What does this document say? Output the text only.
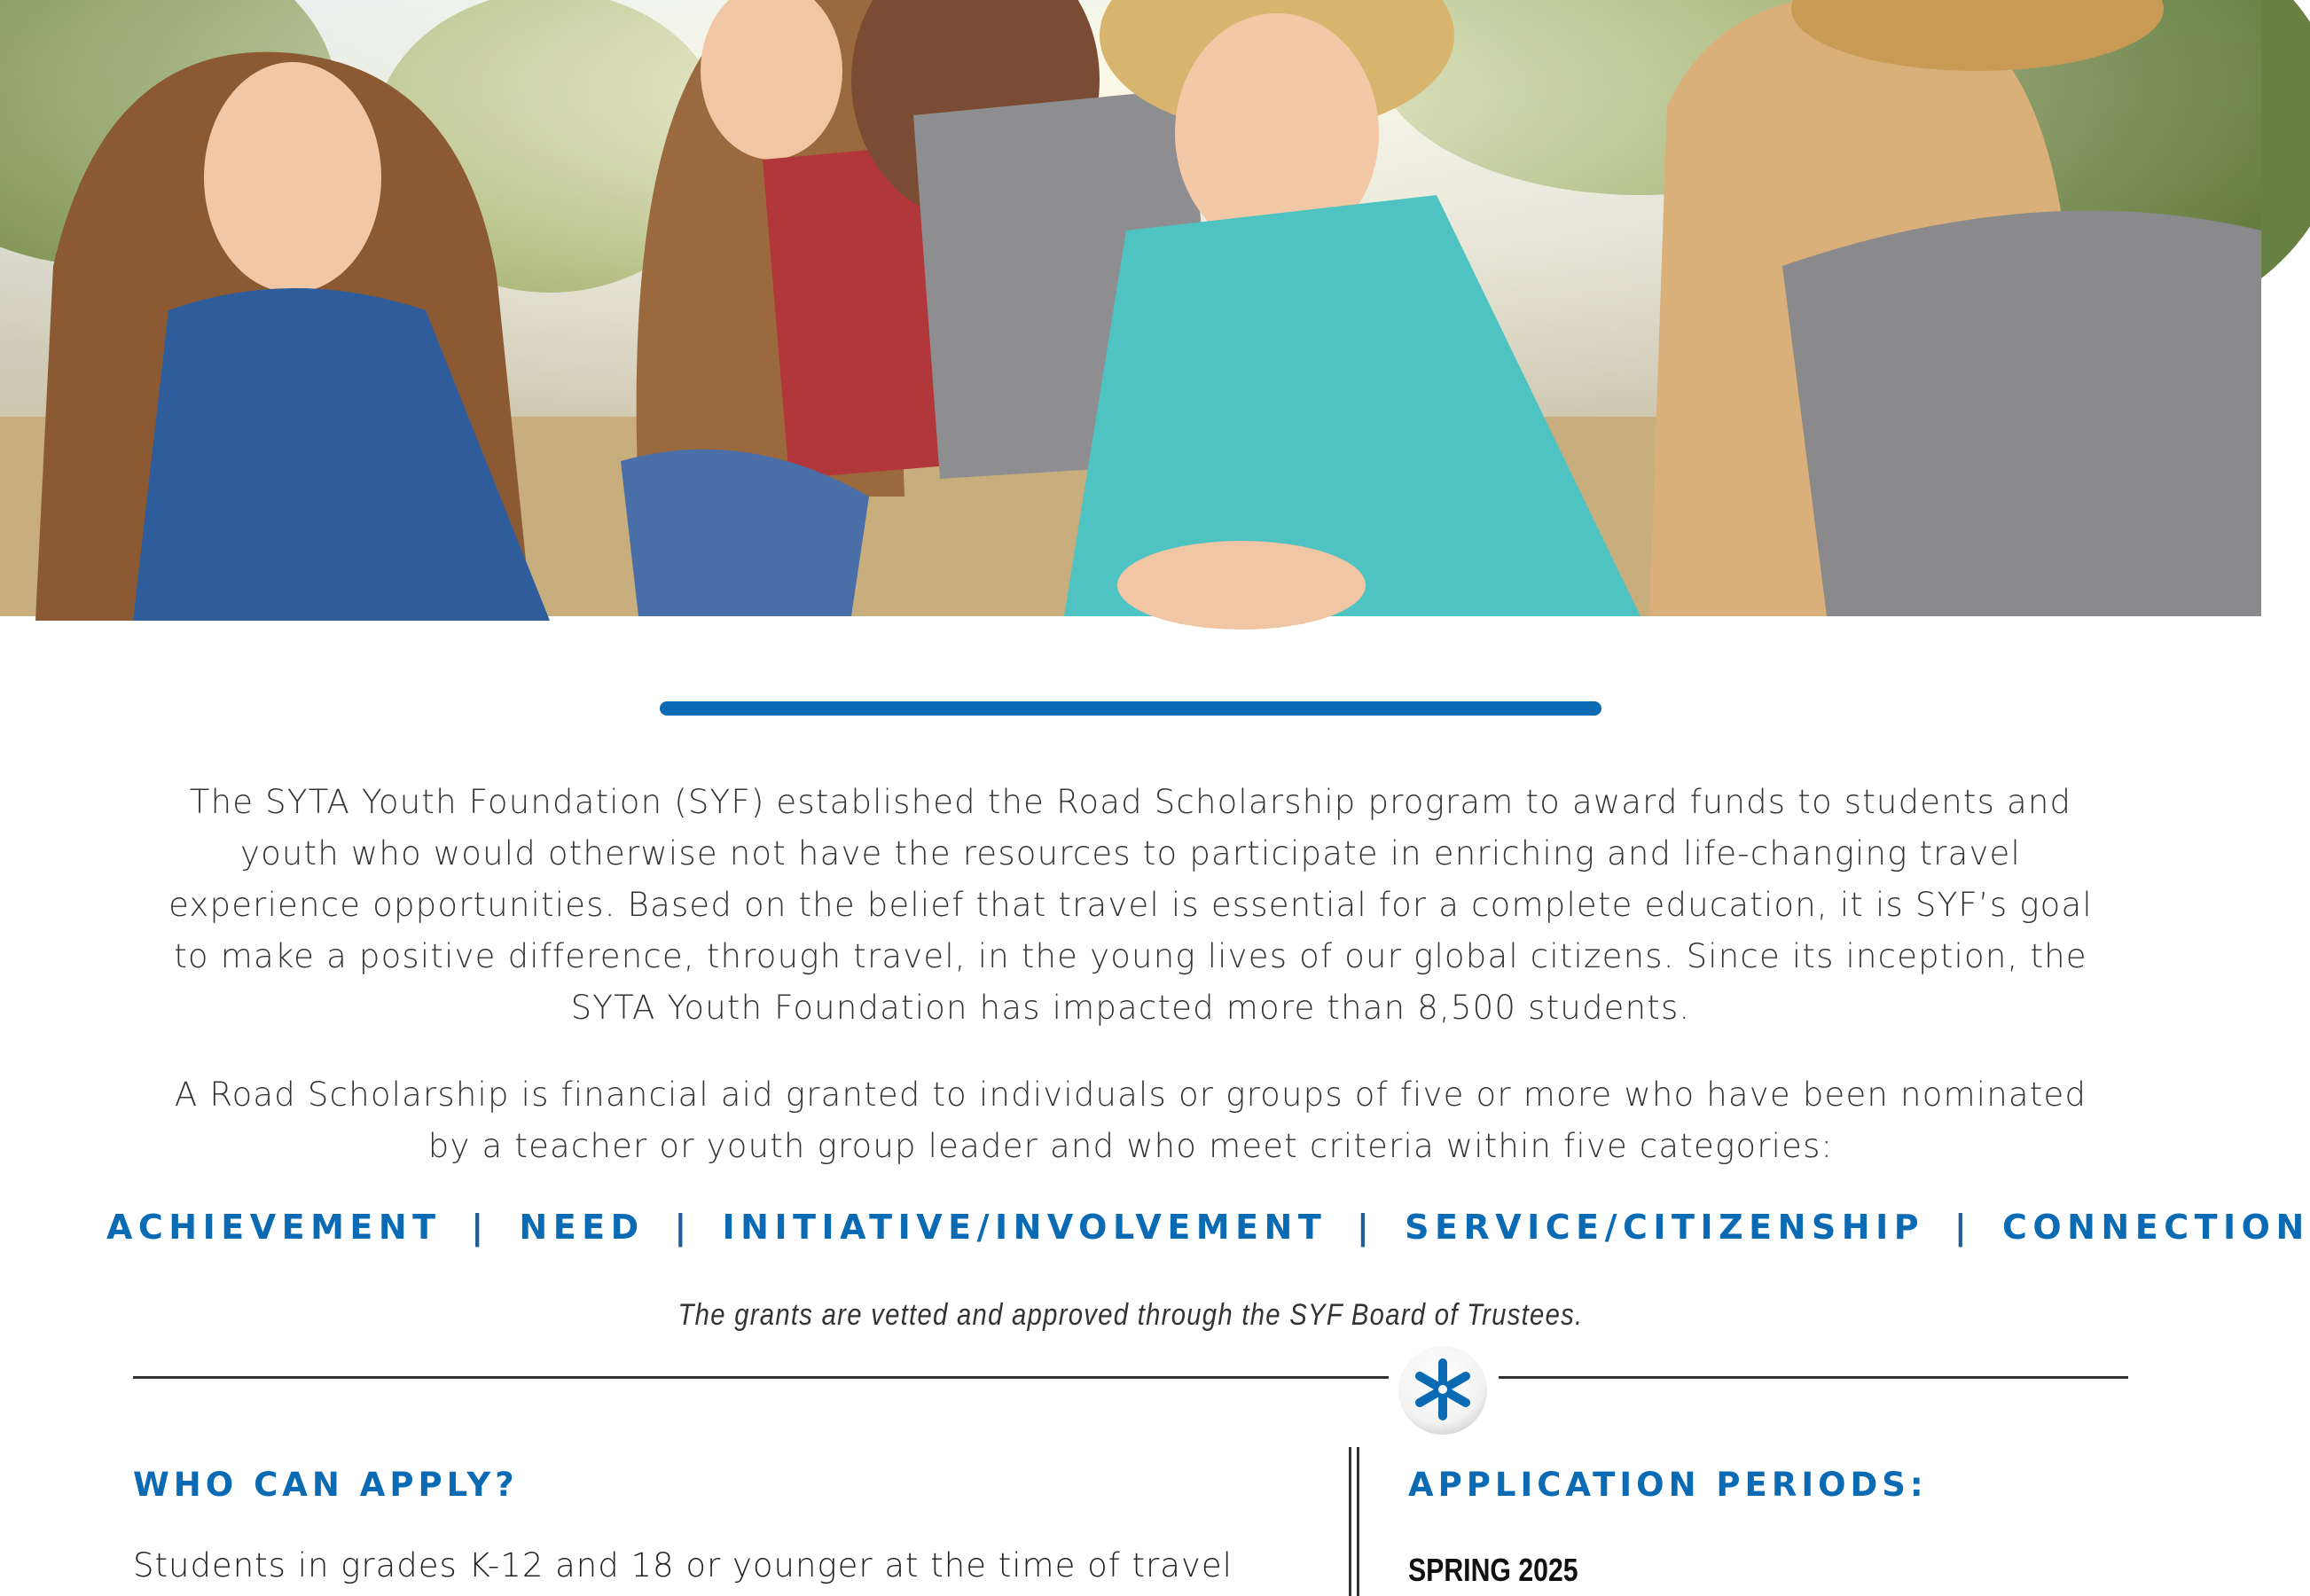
The SYTA Youth Foundation (SYF) established the Road Scholarship program to award funds to students and youth who would otherwise not have the resources to participate in enriching and life-changing travel experience opportunities. Based on the belief that travel is essential for a complete education, it is SYF’s goal to make a positive difference, through travel, in the young lives of our global citizens. Since its inception, the SYTA Youth Foundation has impacted more than 8,500 students.

A Road Scholarship is financial aid granted to individuals or groups of five or more who have been nominated by a teacher or youth group leader and who meet criteria within five categories:

ACHIEVEMENT | NEED | INITIATIVE/INVOLVEMENT | SERVICE/CITIZENSHIP | CONNECTION
The grants are vetted and approved through the SYF Board of Trustees.
WHO CAN APPLY?

Students in grades K-12 and 18 or younger at the time of travel

APPLICATION PERIODS:

SPRING 2025
